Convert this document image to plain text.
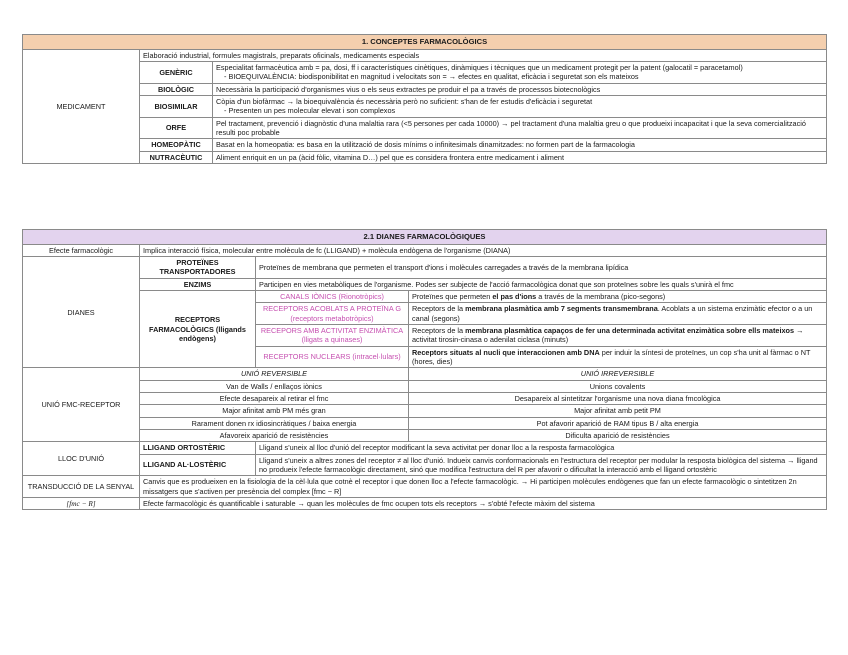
1. CONCEPTES FARMACOLÒGICS		
MEDICAMENT	Elaboració industrial, formules magistrals, preparats oficinals, medicaments especials	
	GENÈRIC	Especialitat farmacèutica amb = pa, dosi, ff i característiques cinètiques, dinàmiques i tècniques que un medicament protegit per la patent (galocatil = paracetamol)
- BIOEQUIVALÈNCIA: biodisponibilitat en magnitud i velocitats son = → efectes en qualitat, eficàcia i seguretat son els mateixos

	BIOLÒGIC	Necessària la participació d'organismes vius o els seus extractes pe produir el pa a través de processos biotecnològics
	BIOSIMILAR	Còpia d'un biofàrmac → la bioequivalència és necessària però no suficient: s'han de fer estudis d'eficàcia i seguretat
- Presenten un pes molecular elevat i son complexos

	ORFE	Pel tractament, prevenció i diagnòstic d'una malaltia rara (<5 persones per cada 10000) → pel tractament d'una malaltia greu o que produeixi incapacitat i que la seva comercialització resulti poc probable
	HOMEOPÀTIC	Basat en la homeopatia: es basa en la utilització de dosis mínims o infinitesimals dinamitzades: no formen part de la farmacologia
	NUTRACÈUTIC	Aliment enriquit en un pa (àcid fòlic, vitamina D…) pel que es considera frontera entre medicament i aliment
2.1 DIANES FARMACOLÒGIQUES			
Efecte farmacològic	Implica interacció física, molecular entre molècula de fc (LLIGAND) + molècula endògena de l'organisme (DIANA)		
DIANES	PROTEÏNES TRANSPORTADORES	Proteïnes de membrana que permeten el transport d'ions i molècules carregades a través de la membrana lipídica	
	ENZIMS	Participen en vies metabòliques de l'organisme. Podes ser subjecte de l'acció farmacològica donat que son proteïnes sobre les quals s'unirà el fmc	
	RECEPTORS FARMACOLÒGICS (lligands endògens)	CANALS IÒNICS (Rionotròpics)	Proteïnes que permeten el pas d'ions a través de la membrana (pico-segons)
		RECEPTORS ACOBLATS A PROTEÏNA G (receptors metabotròpics)	Receptors de la membrana plasmàtica amb 7 segments transmembrana. Acoblats a un sistema enzimàtic efector o a un canal (segons)
		RECEPORS AMB ACTIVITAT ENZIMÀTICA (lligats a quinases)	Receptors de la membrana plasmàtica capaços de fer una determinada activitat enzimàtica sobre ells mateixos → activitat tirosin-cinasa o adenilat ciclasa (minuts)
		RECEPTORS NUCLEARS (intracel·lulars)	Receptors situats al nucli que interaccionen amb DNA per induir la síntesi de proteïnes, un cop s'ha unit al fàrmac o NT (hores, dies)
UNIÓ FMC-RECEPTOR	UNIÓ REVERSIBLE		UNIÓ IRREVERSIBLE
	Van de Walls / enllaços iònics		Unions covalents
	Efecte desapareix al retirar el fmc		Desapareix al sintetitzar l'organisme una nova diana fmcològica
	Major afinitat amb PM més gran		Major afinitat amb petit PM
	Rarament donen rx idiosincràtiques / baixa energia		Pot afavorir aparició de RAM tipus B / alta energia
	Afavoreix aparició de resistències		Dificulta aparició de resistències
LLOC D'UNIÓ	LLIGAND ORTOSTÈRIC	Lligand s'uneix al lloc d'unió del receptor modificant la seva activitat per donar lloc a la resposta farmacològica	
	LLIGAND AL·LOSTÈRIC	Lligand s'uneix a altres zones del receptor ≠ al lloc d'unió. Indueix canvis conformacionals en l'estructura del receptor per modular la resposta biològica del sistema → lligand no produeix l'efecte farmacològic directament, sinó que modifica l'estructura del R per afavorir o dificultat la interacció amb el lligand ortostèric	
TRANSDUCCIÓ DE LA SENYAL	Canvis que es produeixen en la fisiologia de la cèl·lula que cotnè el receptor i que donen lloc a l'efecte farmacològic. → Hi participen molècules endògenes que fan un efecte farmacològic o sintetitzen 2n missatgers que s'activen per presència del complex [fmc − R]		
[fmc − R]	Efecte farmacològic és quantificable i saturable → quan les molècules de fmc ocupen tots els receptors → s'obté l'efecte màxim del sistema		
